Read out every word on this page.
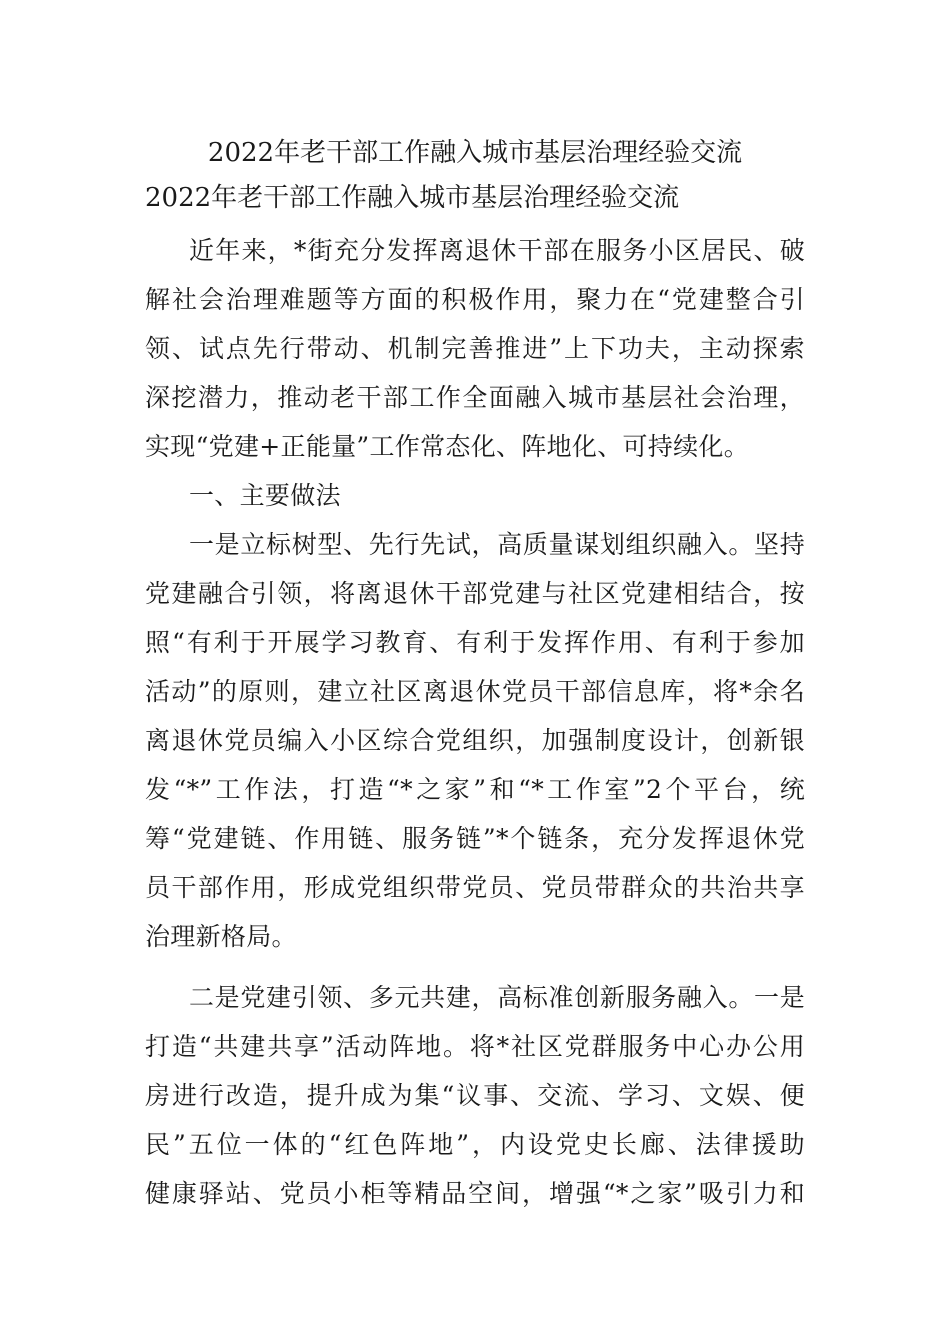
2022年老干部工作融入城市基层治理经验交流
2022年老干部工作融入城市基层治理经验交流
近年来，*街充分发挥离退休干部在服务小区居民、破
解社会治理难题等方面的积极作用，聚力在“党建整合引
领、试点先行带动、机制完善推进”上下功夫，主动探索
深挖潜力，推动老干部工作全面融入城市基层社会治理，
实现“党建+正能量”工作常态化、阵地化、可持续化。
一、主要做法
一是立标树型、先行先试，高质量谋划组织融入。坚持
党建融合引领，将离退休干部党建与社区党建相结合，按
照“有利于开展学习教育、有利于发挥作用、有利于参加
活动”的原则，建立社区离退休党员干部信息库，将*余名
离退休党员编入小区综合党组织，加强制度设计，创新银
发“*”工作法，打造“*之家”和“*工作室”2个平台，统
筹“党建链、作用链、服务链”*个链条，充分发挥退休党
员干部作用，形成党组织带党员、党员带群众的共治共享
治理新格局。
二是党建引领、多元共建，高标准创新服务融入。一是
打造“共建共享”活动阵地。将*社区党群服务中心办公用
房进行改造，提升成为集“议事、交流、学习、文娱、便
民”五位一体的“红色阵地”，内设党史长廊、法律援助
健康驿站、党员小柜等精品空间，增强“*之家”吸引力和
